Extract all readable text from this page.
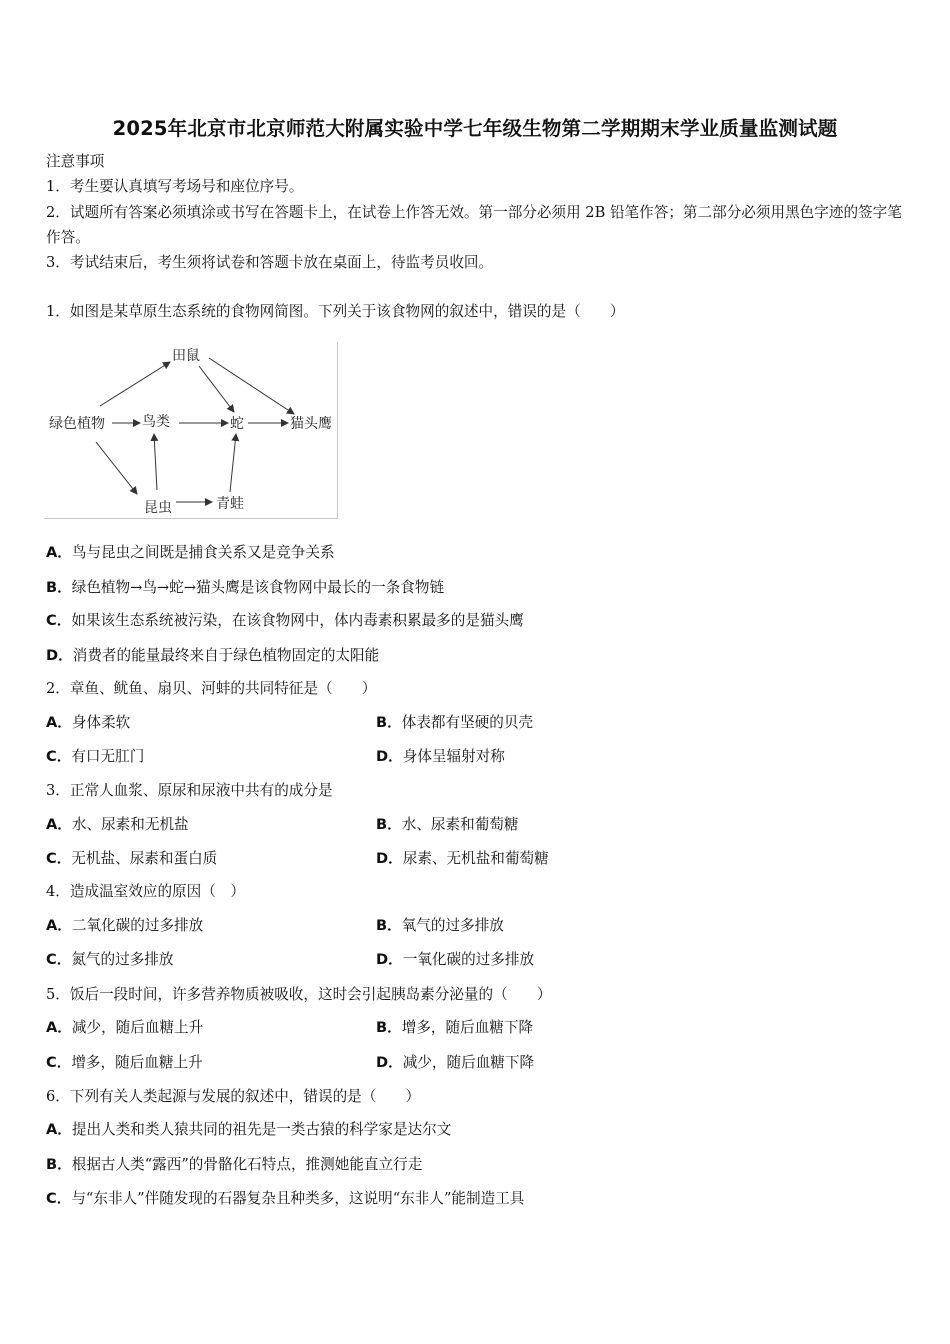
2025年北京市北京师范大附属实验中学七年级生物第二学期期末学业质量监测试题
注意事项
1．考生要认真填写考场号和座位序号。
2．试题所有答案必须填涂或书写在答题卡上，在试卷上作答无效。第一部分必须用 2B 铅笔作答；第二部分必须用黑色字迹的签字笔作答。
3．考试结束后，考生须将试卷和答题卡放在桌面上，待监考员收回。
1．如图是某草原生态系统的食物网简图。下列关于该食物网的叙述中，错误的是（　　）
田鼠
绿色植物	鸟类	蛇	猫头鹰
昆虫	青蛙
A．鸟与昆虫之间既是捕食关系又是竞争关系
B．绿色植物→鸟→蛇→猫头鹰是该食物网中最长的一条食物链
C．如果该生态系统被污染，在该食物网中，体内毒素积累最多的是猫头鹰
D．消费者的能量最终来自于绿色植物固定的太阳能
2．章鱼、鱿鱼、扇贝、河蚌的共同特征是（　　）
A．身体柔软	B．体表都有坚硬的贝壳
C．有口无肛门	D．身体呈辐射对称
3．正常人血浆、原尿和尿液中共有的成分是
A．水、尿素和无机盐	B．水、尿素和葡萄糖
C．无机盐、尿素和蛋白质	D．尿素、无机盐和葡萄糖
4．造成温室效应的原因（　）
A．二氧化碳的过多排放	B．氧气的过多排放
C．氮气的过多排放	D．一氧化碳的过多排放
5．饭后一段时间，许多营养物质被吸收，这时会引起胰岛素分泌量的（　　）
A．减少，随后血糖上升	B．增多，随后血糖下降
C．增多，随后血糖上升	D．减少，随后血糖下降
6．下列有关人类起源与发展的叙述中，错误的是（　　）
A．提出人类和类人猿共同的祖先是一类古猿的科学家是达尔文
B．根据古人类“露西”的骨骼化石特点，推测她能直立行走
C．与“东非人”伴随发现的石器复杂且种类多，这说明“东非人”能制造工具
